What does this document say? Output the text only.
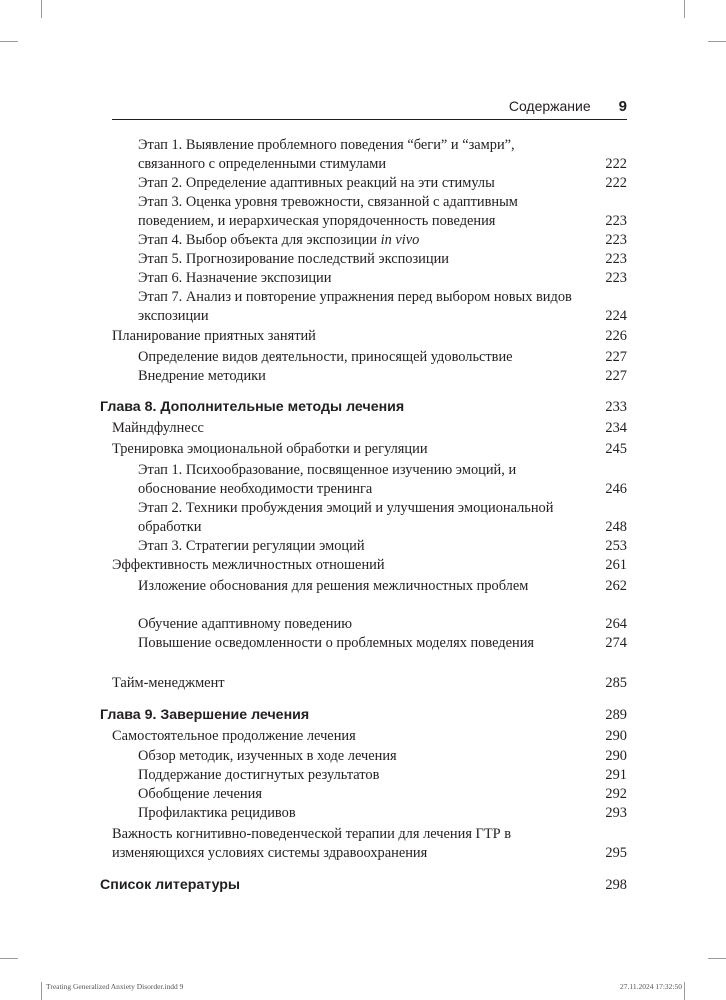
Содержание 9
Этап 1. Выявление проблемного поведения “беги” и “замри”, связанного с определенными стимулами	222
Этап 2. Определение адаптивных реакций на эти стимулы	222
Этап 3. Оценка уровня тревожности, связанной с адаптивным поведением, и иерархическая упорядоченность поведения	223
Этап 4. Выбор объекта для экспозиции in vivo	223
Этап 5. Прогнозирование последствий экспозиции	223
Этап 6. Назначение экспозиции	223
Этап 7. Анализ и повторение упражнения перед выбором новых видов экспозиции	224
Планирование приятных занятий	226
Определение видов деятельности, приносящей удовольствие	227
Внедрение методики	227
Глава 8. Дополнительные методы лечения	233
Майндфулнесс	234
Тренировка эмоциональной обработки и регуляции	245
Этап 1. Психообразование, посвященное изучению эмоций, и обоснование необходимости тренинга	246
Этап 2. Техники пробуждения эмоций и улучшения эмоциональной обработки	248
Этап 3. Стратегии регуляции эмоций	253
Эффективность межличностных отношений	261
Изложение обоснования для решения межличностных проблем	262
Обучение адаптивному поведению	264
Повышение осведомленности о проблемных моделях поведения	274
Тайм-менеджмент	285
Глава 9. Завершение лечения	289
Самостоятельное продолжение лечения	290
Обзор методик, изученных в ходе лечения	290
Поддержание достигнутых результатов	291
Обобщение лечения	292
Профилактика рецидивов	293
Важность когнитивно-поведенческой терапии для лечения ГТР в изменяющихся условиях системы здравоохранения	295
Список литературы	298
Treating Generalized Anxiety Disorder.indd 9	27.11.2024 17:32:50
